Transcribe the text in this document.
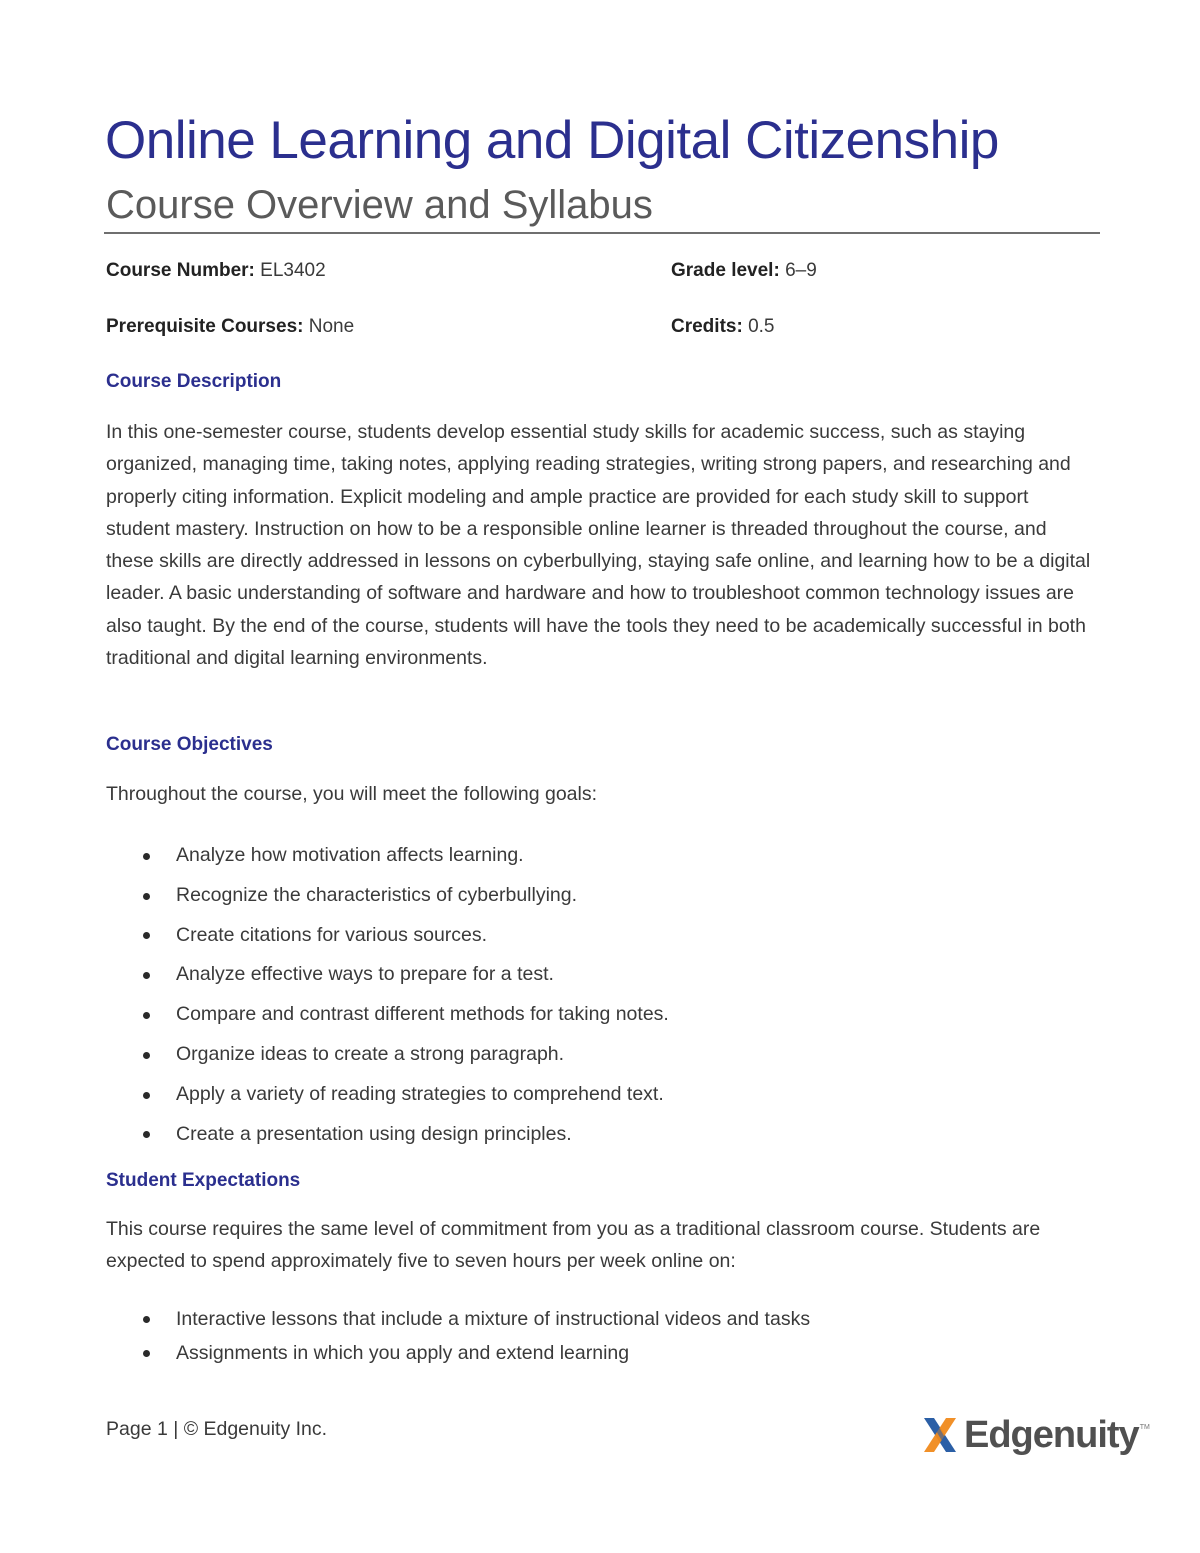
Online Learning and Digital Citizenship
Course Overview and Syllabus
Course Number: EL3402	Grade level: 6–9
Prerequisite Courses: None	Credits: 0.5
Course Description

In this one-semester course, students develop essential study skills for academic success, such as staying organized, managing time, taking notes, applying reading strategies, writing strong papers, and researching and properly citing information. Explicit modeling and ample practice are provided for each study skill to support student mastery. Instruction on how to be a responsible online learner is threaded throughout the course, and these skills are directly addressed in lessons on cyberbullying, staying safe online, and learning how to be a digital leader. A basic understanding of software and hardware and how to troubleshoot common technology issues are also taught. By the end of the course, students will have the tools they need to be academically successful in both traditional and digital learning environments.

Course Objectives

Throughout the course, you will meet the following goals:

Analyze how motivation affects learning.
Recognize the characteristics of cyberbullying.
Create citations for various sources.
Analyze effective ways to prepare for a test.
Compare and contrast different methods for taking notes.
Organize ideas to create a strong paragraph.
Apply a variety of reading strategies to comprehend text.
Create a presentation using design principles.
Student Expectations

This course requires the same level of commitment from you as a traditional classroom course. Students are expected to spend approximately five to seven hours per week online on:

Interactive lessons that include a mixture of instructional videos and tasks
Assignments in which you apply and extend learning
Page 1 | © Edgenuity Inc.	Edgenuity TM
